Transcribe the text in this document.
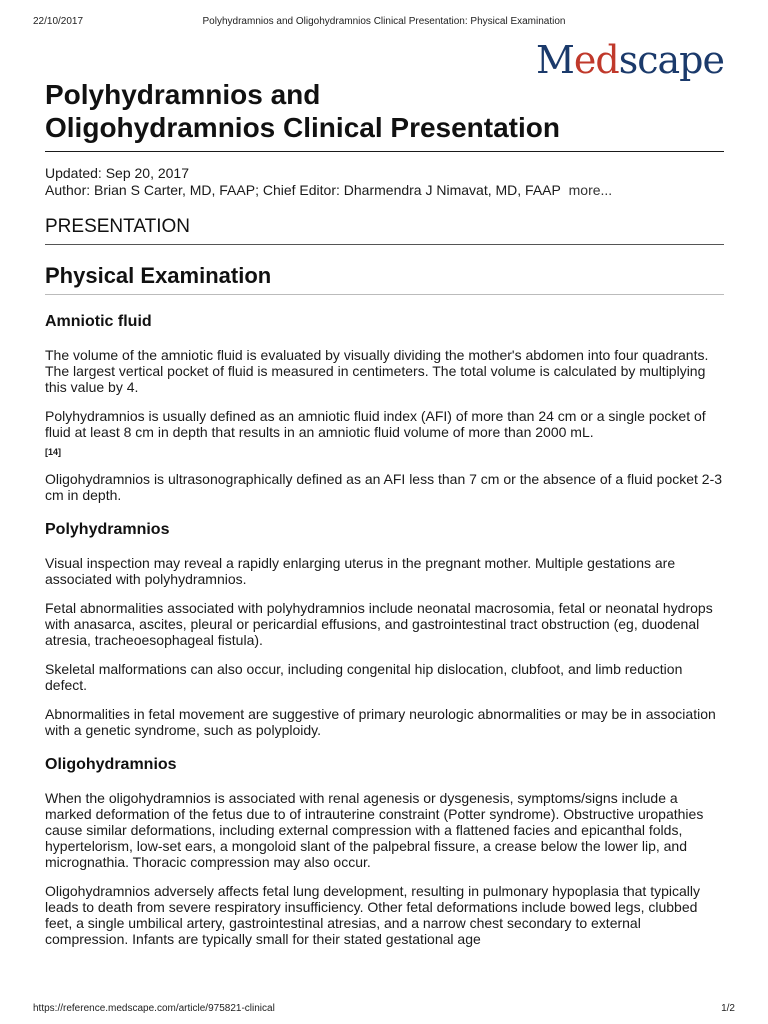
22/10/2017	Polyhydramnios and Oligohydramnios Clinical Presentation: Physical Examination
Medscape
Polyhydramnios and
Oligohydramnios Clinical Presentation
Updated: Sep 20, 2017
Author: Brian S Carter, MD, FAAP; Chief Editor: Dharmendra J Nimavat, MD, FAAP more...
PRESENTATION
Physical Examination
Amniotic fluid

The volume of the amniotic fluid is evaluated by visually dividing the mother's abdomen into four quadrants. The largest vertical pocket of fluid is measured in centimeters. The total volume is calculated by multiplying this value by 4.

Polyhydramnios is usually defined as an amniotic fluid index (AFI) of more than 24 cm or a single pocket of fluid at least 8 cm in depth that results in an amniotic fluid volume of more than 2000 mL.
[14]

Oligohydramnios is ultrasonographically defined as an AFI less than 7 cm or the absence of a fluid pocket 2-3 cm in depth.

Polyhydramnios

Visual inspection may reveal a rapidly enlarging uterus in the pregnant mother. Multiple gestations are associated with polyhydramnios.

Fetal abnormalities associated with polyhydramnios include neonatal macrosomia, fetal or neonatal hydrops with anasarca, ascites, pleural or pericardial effusions, and gastrointestinal tract obstruction (eg, duodenal atresia, tracheoesophageal fistula).

Skeletal malformations can also occur, including congenital hip dislocation, clubfoot, and limb reduction defect.

Abnormalities in fetal movement are suggestive of primary neurologic abnormalities or may be in association with a genetic syndrome, such as polyploidy.

Oligohydramnios

When the oligohydramnios is associated with renal agenesis or dysgenesis, symptoms/signs include a marked deformation of the fetus due to of intrauterine constraint (Potter syndrome). Obstructive uropathies cause similar deformations, including external compression with a flattened facies and epicanthal folds, hypertelorism, low-set ears, a mongoloid slant of the palpebral fissure, a crease below the lower lip, and micrognathia. Thoracic compression may also occur.

Oligohydramnios adversely affects fetal lung development, resulting in pulmonary hypoplasia that typically leads to death from severe respiratory insufficiency. Other fetal deformations include bowed legs, clubbed feet, a single umbilical artery, gastrointestinal atresias, and a narrow chest secondary to external compression. Infants are typically small for their stated gestational age

https://reference.medscape.com/article/975821-clinical	1/2
